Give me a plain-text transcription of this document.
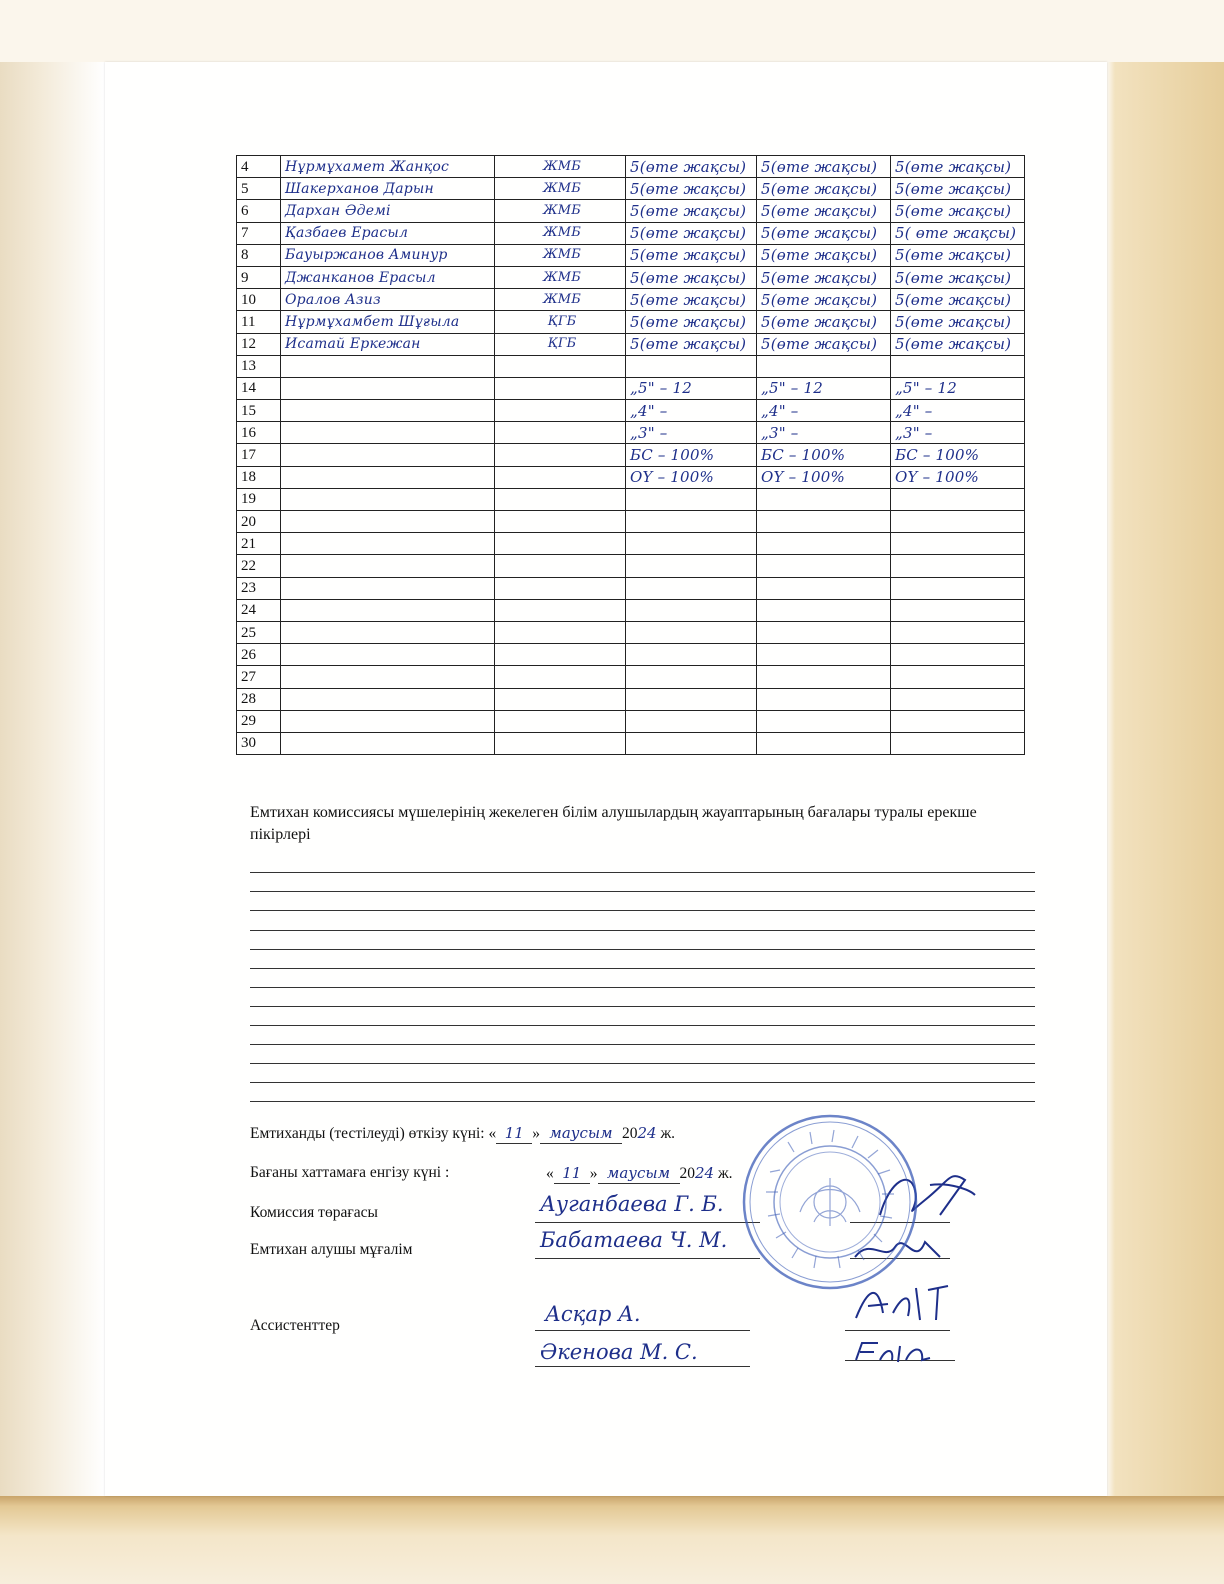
4	Нұрмұхамет Жанқос	ЖМБ	5(өте жақсы)	5(өте жақсы)	5(өте жақсы)
5	Шакерханов Дарын	ЖМБ	5(өте жақсы)	5(өте жақсы)	5(өте жақсы)
6	Дархан Әдемі	ЖМБ	5(өте жақсы)	5(өте жақсы)	5(өте жақсы)
7	Қазбаев Ерасыл	ЖМБ	5(өте жақсы)	5(өте жақсы)	5( өте жақсы)
8	Бауыржанов Аминур	ЖМБ	5(өте жақсы)	5(өте жақсы)	5(өте жақсы)
9	Джанканов Ерасыл	ЖМБ	5(өте жақсы)	5(өте жақсы)	5(өте жақсы)
10	Оралов Азиз	ЖМБ	5(өте жақсы)	5(өте жақсы)	5(өте жақсы)
11	Нұрмұхамбет Шұғыла	ҚГБ	5(өте жақсы)	5(өте жақсы)	5(өте жақсы)
12	Исатай Еркежан	ҚГБ	5(өте жақсы)	5(өте жақсы)	5(өте жақсы)
13					
14			„5" – 12	„5" – 12	„5" – 12
15			„4" –	„4" –	„4" –
16			„3" –	„3" –	„3" –
17			БС – 100%	БС – 100%	БС – 100%
18			ОҮ – 100%	ОҮ – 100%	ОҮ – 100%
19					
20					
21					
22					
23					
24					
25					
26					
27					
28					
29					
30					
Емтихан комиссиясы мүшелерінің жекелеген білім алушылардың жауаптарының бағалары туралы ерекше пікірлері
Емтиханды (тестілеуді) өткізу күні: « 11 » маусым 2024 ж.
Бағаны хаттамаға енгізу күні :	« 11 » маусым 2024 ж.
Комиссия төрағасы	Ауганбаева Г. Б.
Емтихан алушы мұғалім	Бабатаева Ч. М.
Ассистенттер	Асқар А.
Әкенова М. С.
